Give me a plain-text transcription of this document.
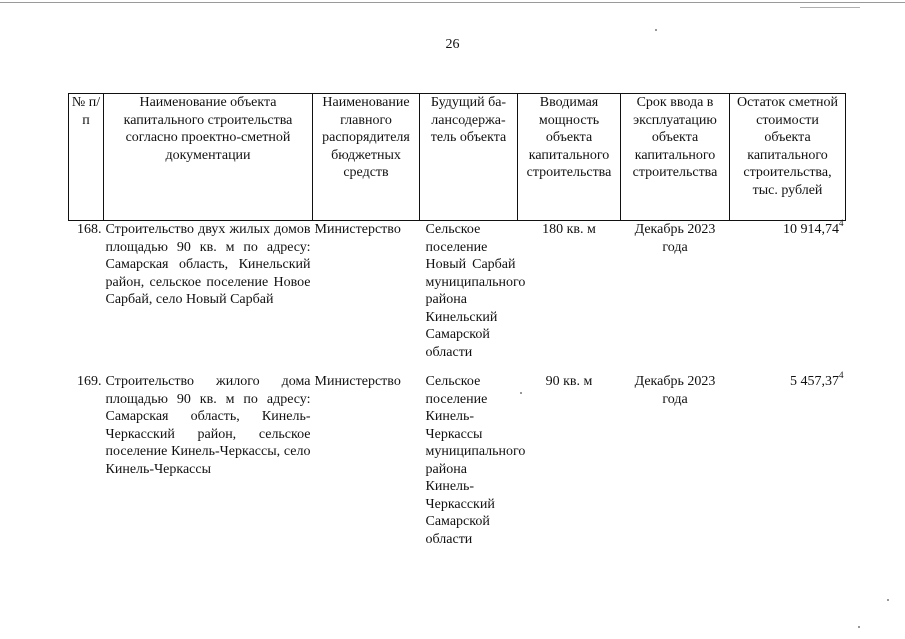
26
№ п/п	Наименование объекта капитального строительства согласно проектно-сметной документации	Наименование главного распорядителя бюджетных средств	Будущий ба-лансодержа-тель объекта	Вводимая мощность объекта капитального строительства	Срок ввода в эксплуатацию объекта капитального строительства	Остаток сметной стоимости объекта капитального строительства, тыс. рублей
168.	Строительство двух жилых домов площадью 90 кв. м по адресу: Самарская область, Кинельский район, сельское поселение Новое Сарбай, село Новый Сарбай	Министерство	Сельское поселение Новый Сарбай муниципального района Кинельский Самарской области	180 кв. м	Декабрь 2023 года	10 914,74$^4$
169.	Строительство жилого дома площадью 90 кв. м по адресу: Самарская область, Кинель-Черкасский район, сельское поселение Кинель-Черкассы, село Кинель-Черкассы	Министерство	Сельское поселение Кинель-Черкассы муниципального района Кинель-Черкасский Самарской области	90 кв. м	Декабрь 2023 года	5 457,37$^4$
